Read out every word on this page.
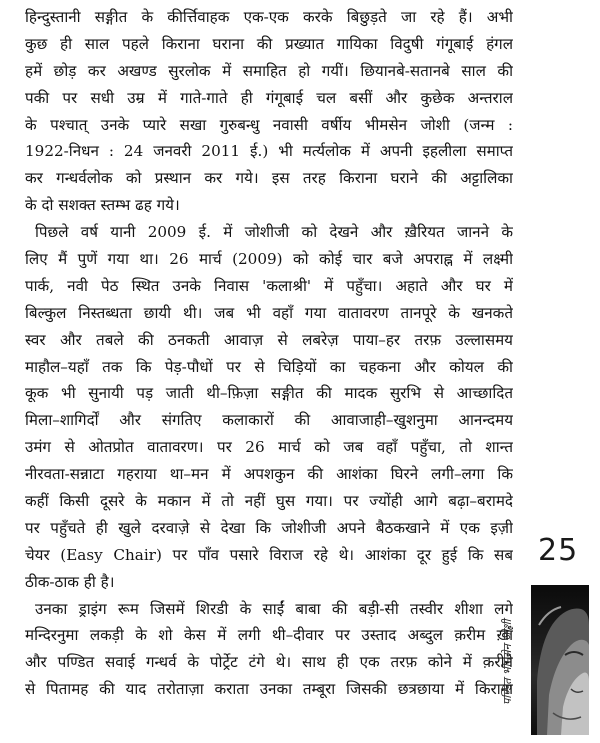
हिन्दुस्तानी सङ्गीत के कीर्त्तिवाहक एक-एक करके बिछुड़ते जा रहे हैं। अभी
कुछ ही साल पहले किराना घराना की प्रख्यात गायिका विदुषी गंगूबाई हंगल
हमें छोड़ कर अखण्ड सुरलोक में समाहित हो गयीं। छियानबे-सतानबे साल की
पकी पर सधी उम्र में गाते-गाते ही गंगूबाई चल बसीं और कुछेक अन्तराल
के पश्चात् उनके प्यारे सखा गुरुबन्धु नवासी वर्षीय भीमसेन जोशी (जन्म :
1922-निधन : 24 जनवरी 2011 ई.) भी मर्त्यलोक में अपनी इहलीला समाप्त
कर गन्धर्वलोक को प्रस्थान कर गये। इस तरह किराना घराने की अट्टालिका
के दो सशक्त स्तम्भ ढह गये।
पिछले वर्ष यानी 2009 ई. में जोशीजी को देखने और ख़ैरियत जानने के
लिए मैं पुणें गया था। 26 मार्च (2009) को कोई चार बजे अपराह्न में लक्ष्मी
पार्क, नवी पेठ स्थित उनके निवास 'कलाश्री' में पहुँचा। अहाते और घर में
बिल्कुल निस्तब्धता छायी थी। जब भी वहाँ गया वातावरण तानपूरे के खनकते
स्वर और तबले की ठनकती आवाज़ से लबरेज़ पाया–हर तरफ़ उल्लासमय
माहौल–यहाँ तक कि पेड़-पौधों पर से चिड़ियों का चहकना और कोयल की
कूक भी सुनायी पड़ जाती थी–फ़िज़ा सङ्गीत की मादक सुरभि से आच्छादित
मिला–शागिर्दों और संगतिए कलाकारों की आवाजाही–खुशनुमा आनन्दमय
उमंग से ओतप्रोत वातावरण। पर 26 मार्च को जब वहाँ पहुँचा, तो शान्त
नीरवता-सन्नाटा गहराया था–मन में अपशकुन की आशंका घिरने लगी–लगा कि
कहीं किसी दूसरे के मकान में तो नहीं घुस गया। पर ज्योंही आगे बढ़ा–बरामदे
पर पहुँचते ही खुले दरवाज़े से देखा कि जोशीजी अपने बैठकखाने में एक इज़ी
चेयर (Easy Chair) पर पाँव पसारे विराज रहे थे। आशंका दूर हुई कि सब
ठीक-ठाक ही है।
उनका ड्राइंग रूम जिसमें शिरडी के साईं बाबा की बड़ी-सी तस्वीर शीशा लगे
मन्दिरनुमा लकड़ी के शो केस में लगी थी–दीवार पर उस्ताद अब्दुल क़रीम ख़ाँ
और पण्डित सवाई गन्धर्व के पोर्ट्रेट टंगे थे। साथ ही एक तरफ़ कोने में क़रीने
से पितामह की याद तरोताज़ा कराता उनका तम्बूरा जिसकी छत्रछाया में किराना
25
पण्डित भीमसेन जोशी
